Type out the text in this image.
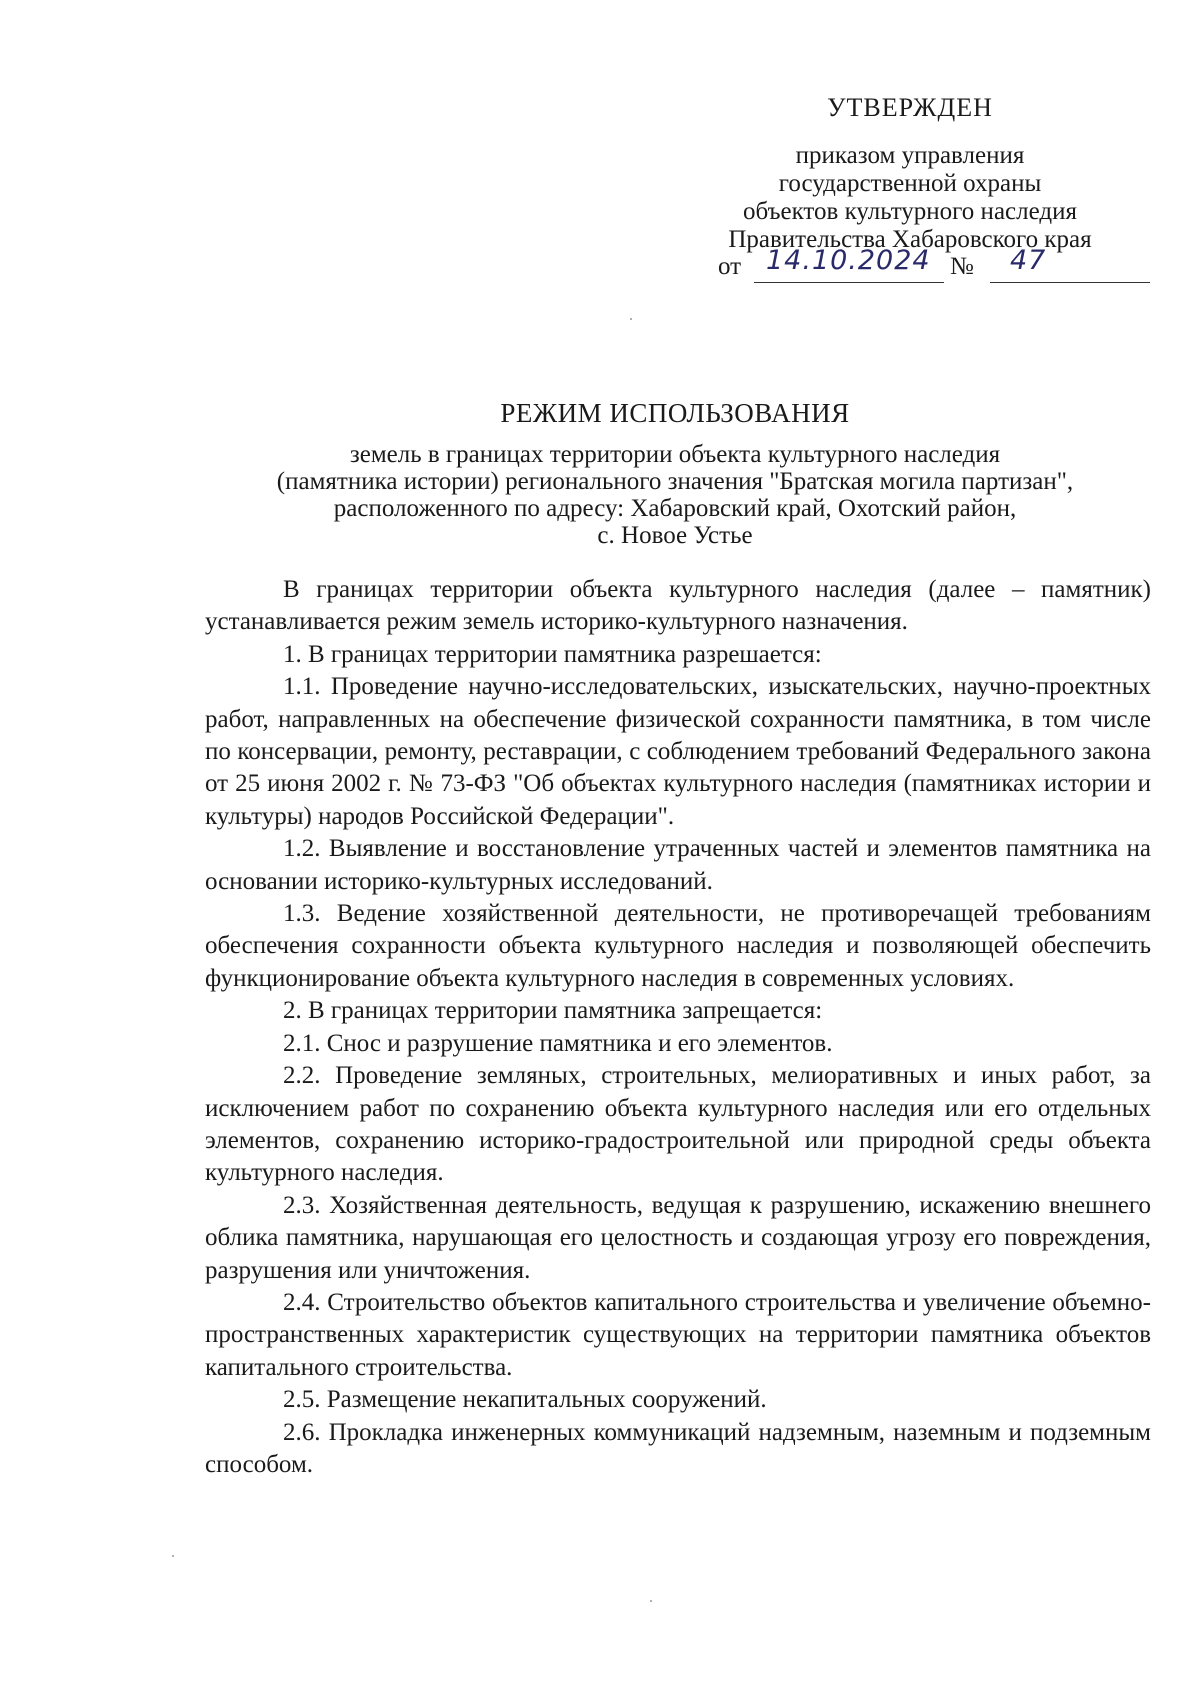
УТВЕРЖДЕН
приказом управления
государственной охраны
объектов культурного наследия
Правительства Хабаровского края
от 14.10.2024 № 47
РЕЖИМ ИСПОЛЬЗОВАНИЯ
земель в границах территории объекта культурного наследия
(памятника истории) регионального значения "Братская могила партизан",
расположенного по адресу: Хабаровский край, Охотский район,
с. Новое Устье

В границах территории объекта культурного наследия (далее – памятник) устанавливается режим земель историко-культурного назначения.

1. В границах территории памятника разрешается:

1.1. Проведение научно-исследовательских, изыскательских, научно-проектных работ, направленных на обеспечение физической сохранности памятника, в том числе по консервации, ремонту, реставрации, с соблюдением требований Федерального закона от 25 июня 2002 г. № 73-ФЗ "Об объектах культурного наследия (памятниках истории и культуры) народов Российской Федерации".

1.2. Выявление и восстановление утраченных частей и элементов памятника на основании историко-культурных исследований.

1.3. Ведение хозяйственной деятельности, не противоречащей требованиям обеспечения сохранности объекта культурного наследия и позволяющей обеспечить функционирование объекта культурного наследия в современных условиях.

2. В границах территории памятника запрещается:

2.1. Снос и разрушение памятника и его элементов.

2.2. Проведение земляных, строительных, мелиоративных и иных работ, за исключением работ по сохранению объекта культурного наследия или его отдельных элементов, сохранению историко-градостроительной или природной среды объекта культурного наследия.

2.3. Хозяйственная деятельность, ведущая к разрушению, искажению внешнего облика памятника, нарушающая его целостность и создающая угрозу его повреждения, разрушения или уничтожения.

2.4. Строительство объектов капитального строительства и увеличение объемно-пространственных характеристик существующих на территории памятника объектов капитального строительства.

2.5. Размещение некапитальных сооружений.

2.6. Прокладка инженерных коммуникаций надземным, наземным и подземным способом.
